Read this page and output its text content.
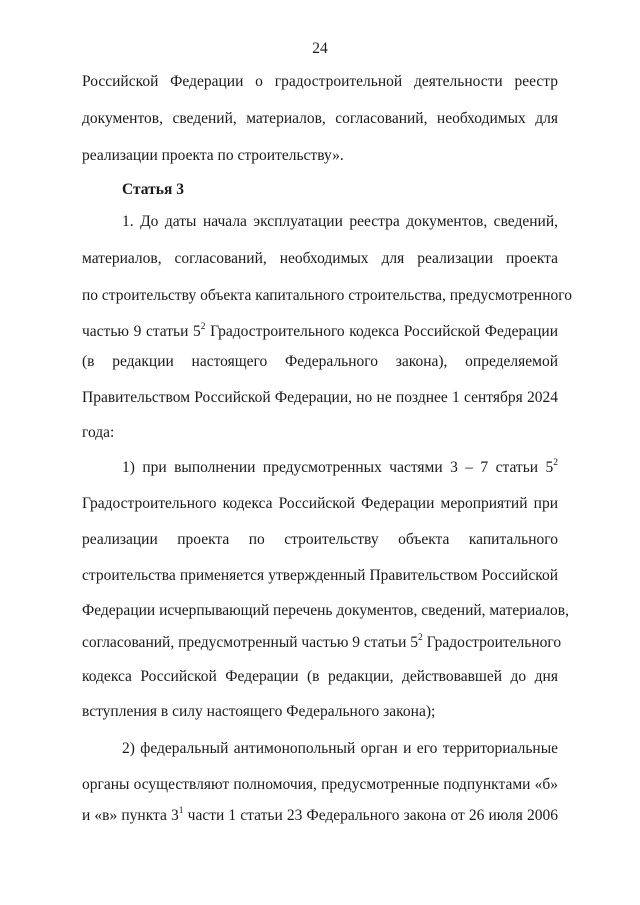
24
Российской Федерации о градостроительной деятельности реестр
документов, сведений, материалов, согласований, необходимых для
реализации проекта по строительству».
Статья 3
1. До даты начала эксплуатации реестра документов, сведений,
материалов, согласований, необходимых для реализации проекта
по строительству объекта капитального строительства, предусмотренного
частью 9 статьи $5^2$ Градостроительного кодекса Российской Федерации
(в редакции настоящего Федерального закона), определяемой
Правительством Российской Федерации, но не позднее 1 сентября 2024
года:
1) при выполнении предусмотренных частями 3 – 7 статьи $5^2$
Градостроительного кодекса Российской Федерации мероприятий при
реализации проекта по строительству объекта капитального
строительства применяется утвержденный Правительством Российской
Федерации исчерпывающий перечень документов, сведений, материалов,
согласований, предусмотренный частью 9 статьи $5^2$ Градостроительного
кодекса Российской Федерации (в редакции, действовавшей до дня
вступления в силу настоящего Федерального закона);
2) федеральный антимонопольный орган и его территориальные
органы осуществляют полномочия, предусмотренные подпунктами «б»
и «в» пункта $3^1$ части 1 статьи 23 Федерального закона от 26 июля 2006
